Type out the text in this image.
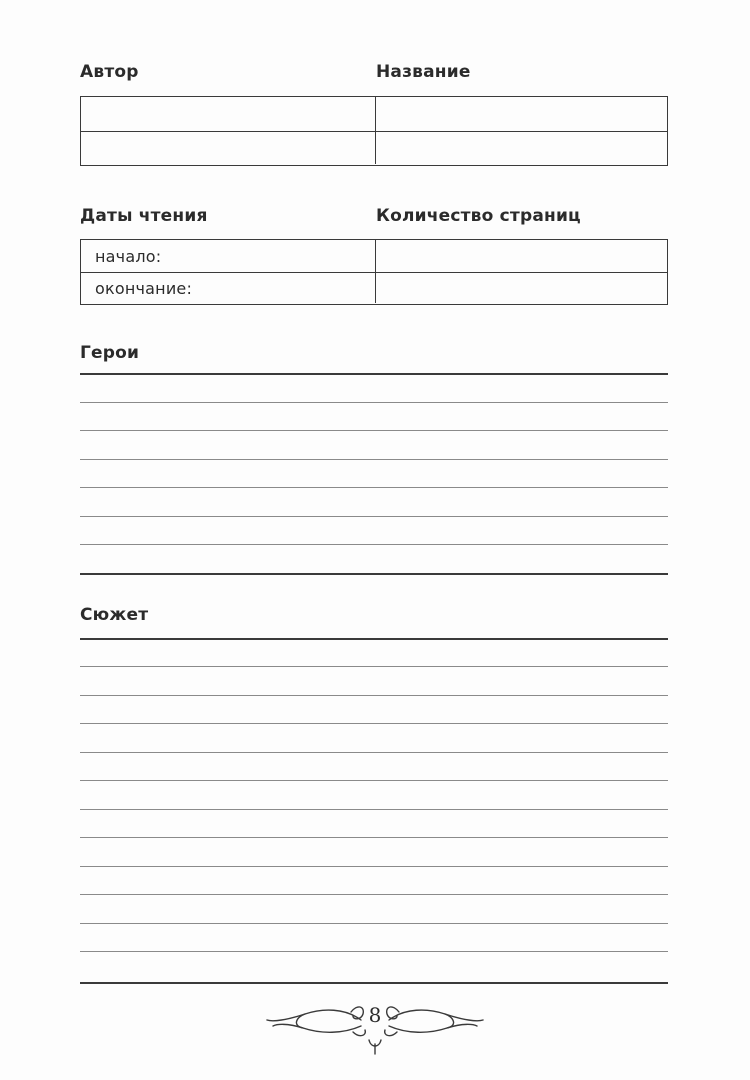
Автор	Название
Даты чтения	Количество страниц
начало:
окончание:
Герои
Сюжет
8
